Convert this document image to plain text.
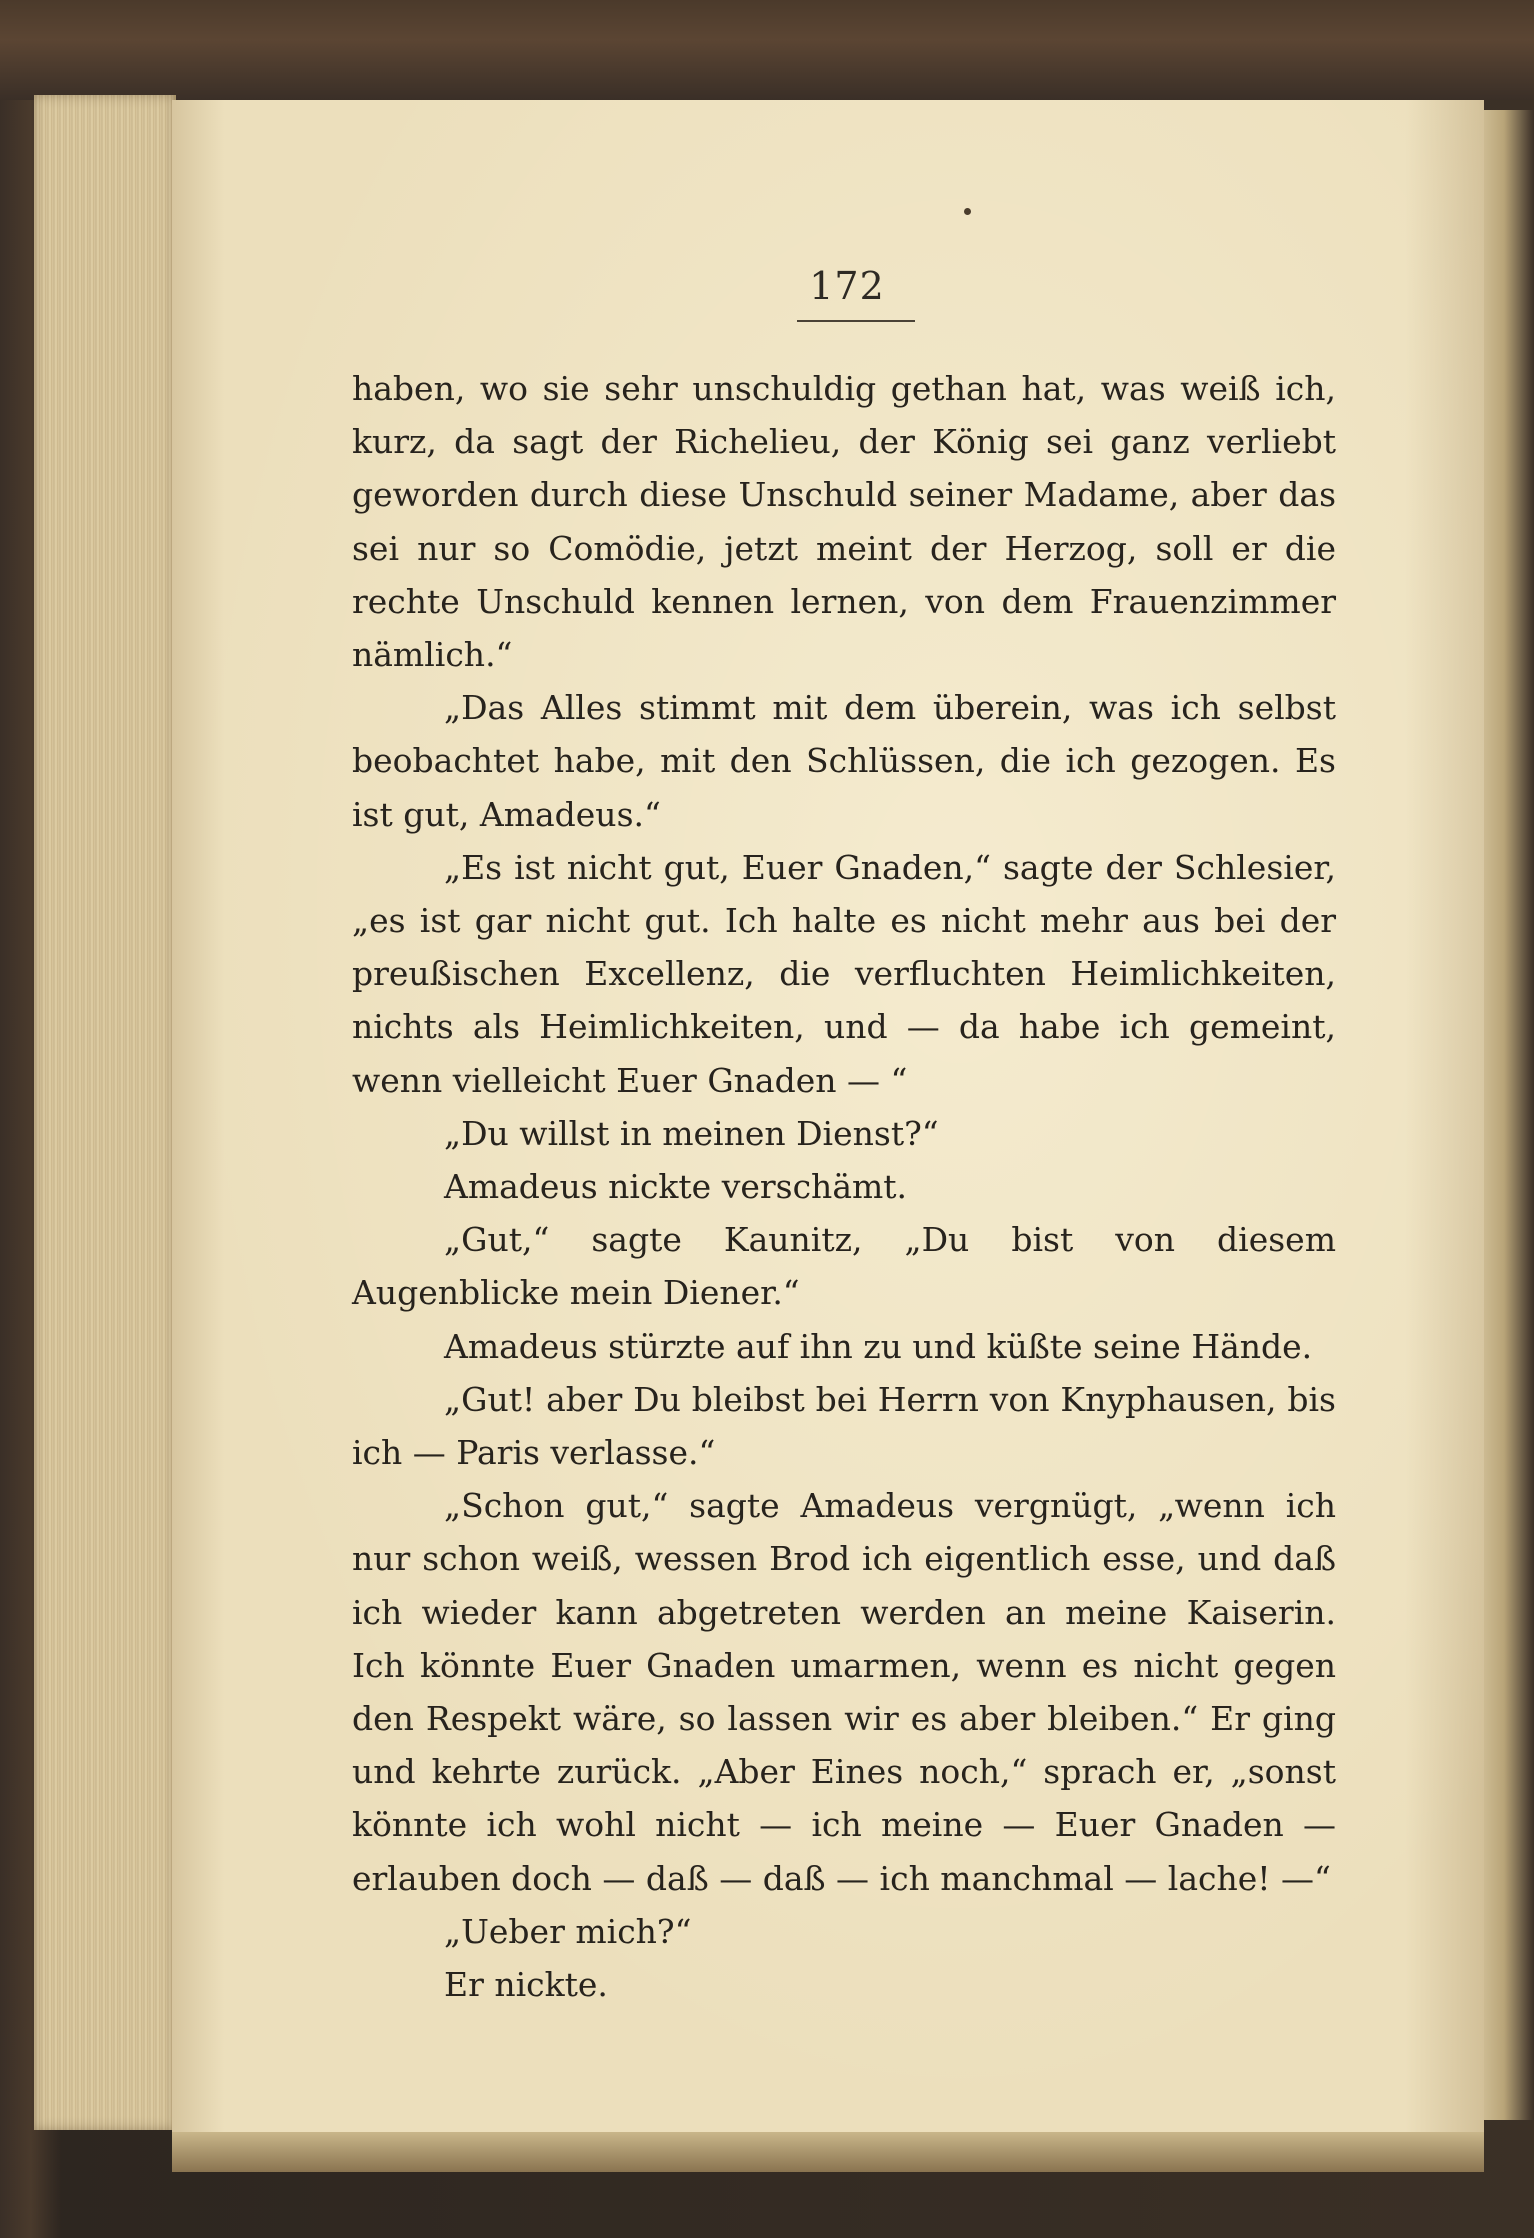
172

haben, wo sie sehr unschuldig gethan hat, was weiß ich, kurz, da sagt der Richelieu, der König sei ganz verliebt geworden durch diese Unschuld seiner Madame, aber das sei nur so Comödie, jetzt meint der Herzog, soll er die rechte Unschuld kennen lernen, von dem Frauenzimmer nämlich.“

„Das Alles stimmt mit dem überein, was ich selbst beobachtet habe, mit den Schlüssen, die ich gezogen. Es ist gut, Amadeus.“

„Es ist nicht gut, Euer Gnaden,“ sagte der Schlesier, „es ist gar nicht gut. Ich halte es nicht mehr aus bei der preußischen Excellenz, die verfluchten Heimlichkeiten, nichts als Heimlichkeiten, und — da habe ich gemeint, wenn vielleicht Euer Gnaden — “

„Du willst in meinen Dienst?“

Amadeus nickte verschämt.

„Gut,“ sagte Kaunitz, „Du bist von diesem Augenblicke mein Diener.“

Amadeus stürzte auf ihn zu und küßte seine Hände.

„Gut! aber Du bleibst bei Herrn von Knyphausen, bis ich — Paris verlasse.“

„Schon gut,“ sagte Amadeus vergnügt, „wenn ich nur schon weiß, wessen Brod ich eigentlich esse, und daß ich wieder kann abgetreten werden an meine Kaiserin. Ich könnte Euer Gnaden umarmen, wenn es nicht gegen den Respekt wäre, so lassen wir es aber bleiben.“ Er ging und kehrte zurück. „Aber Eines noch,“ sprach er, „sonst könnte ich wohl nicht — ich meine — Euer Gnaden — erlauben doch — daß — daß — ich manchmal — lache! —“

„Ueber mich?“

Er nickte.
